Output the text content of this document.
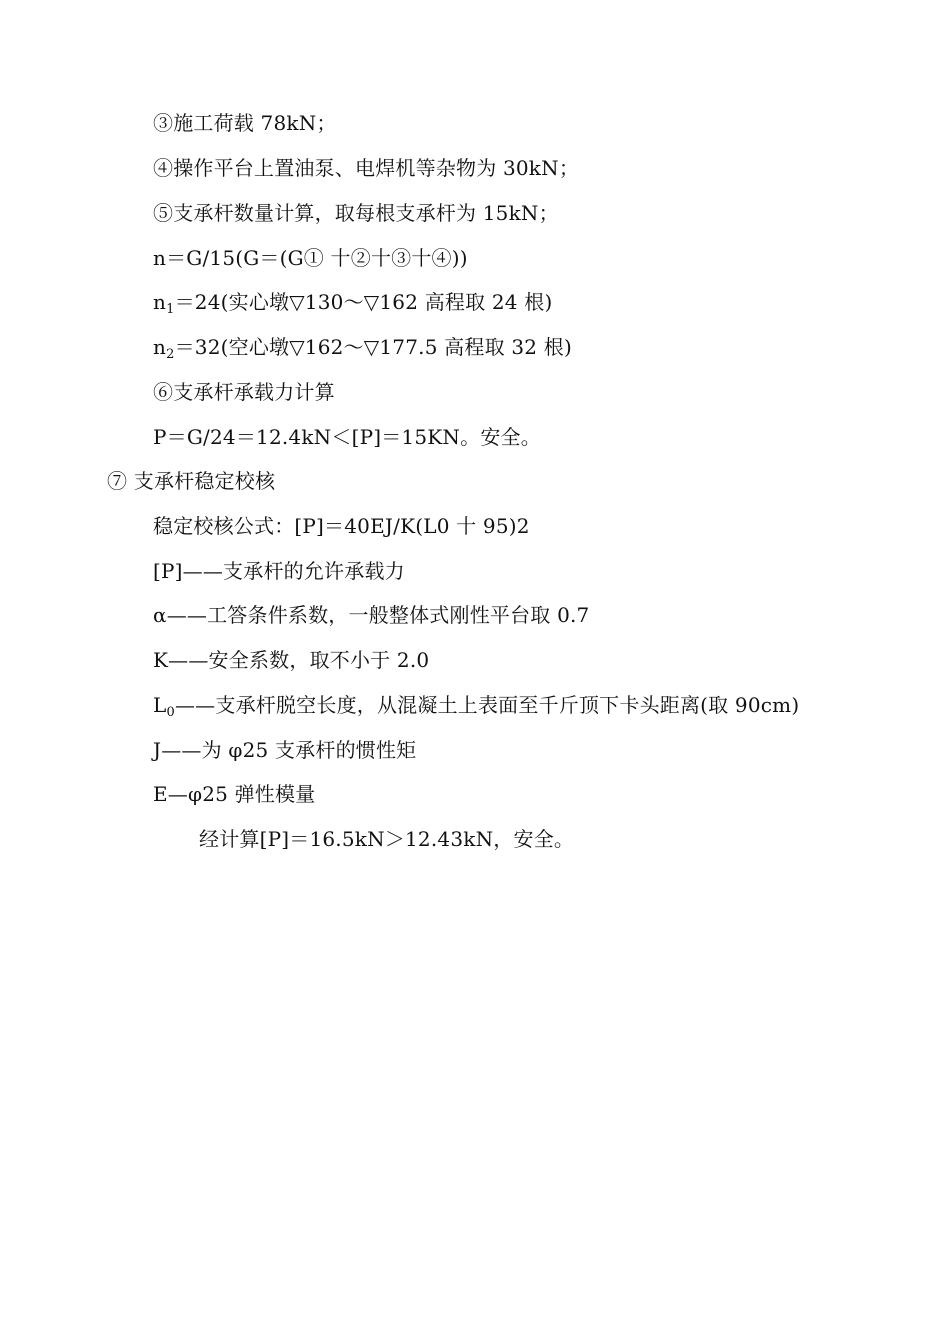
③施工荷载 78kN；
④操作平台上置油泵、电焊机等杂物为 30kN；
⑤支承杆数量计算，取每根支承杆为 15kN；
n＝G/15(G＝(G① 十②十③十④))
$n_1=24$(实心墩▽130～▽162 高程取 24 根)
$n_2=32$(空心墩▽162～▽177.5 高程取 32 根)
⑥支承杆承载力计算
P＝G/24＝12.4kN＜[P]＝15KN。安全。
⑦ 支承杆稳定校核
稳定校核公式：[P]＝40EJ/K(L0 十 95)2
[P]——支承杆的允许承载力
α——工答条件系数，一般整体式刚性平台取 0.7
K——安全系数，取不小于 2.0
$L_0——$支承杆脱空长度，从混凝土上表面至千斤顶下卡头距离(取 90cm)
J——为 φ25 支承杆的惯性矩
E—φ25 弹性模量
经计算[P]＝16.5kN＞12.43kN，安全。
